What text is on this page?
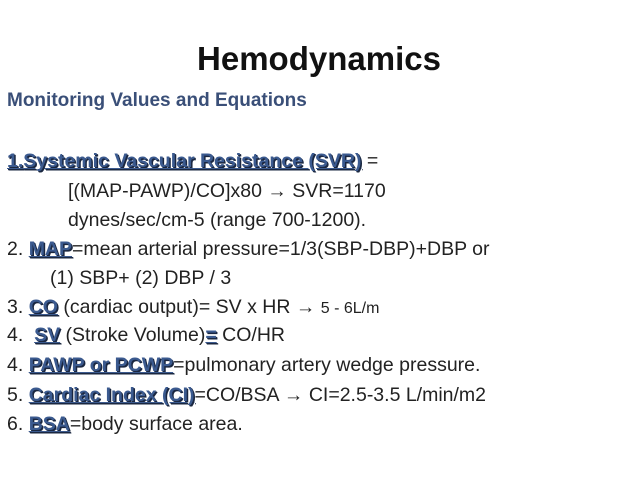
Hemodynamics
Monitoring Values and Equations
1.Systemic Vascular Resistance (SVR) =
[(MAP-PAWP)/CO]x80 → SVR=1170
dynes/sec/cm-5 (range 700-1200).
2. MAP=mean arterial pressure=1/3(SBP-DBP)+DBP or
(1) SBP+ (2) DBP / 3
3. CO (cardiac output)= SV x HR → 5 - 6L/m
4.  SV (Stroke Volume)= CO/HR
4. PAWP or PCWP=pulmonary artery wedge pressure.
5. Cardiac Index (CI)=CO/BSA → CI=2.5-3.5 L/min/m2
6. BSA=body surface area.
